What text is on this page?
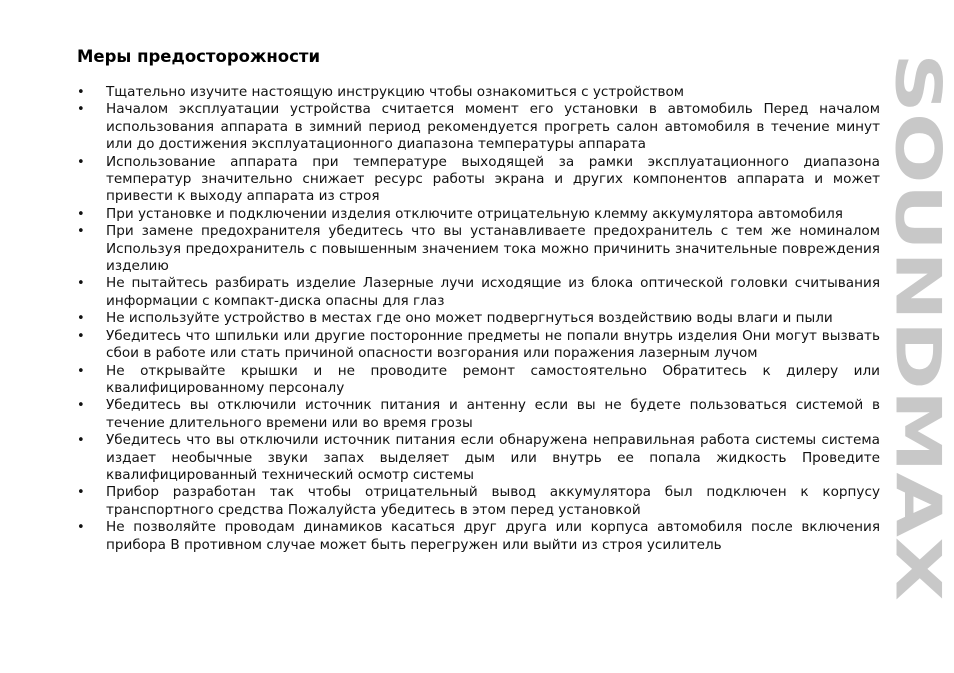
Меры предосторожности
• Тщательно изучите настоящую инструкцию чтобы ознакомиться с устройством
• Началом эксплуатации устройства считается момент его установки в автомобиль Перед началом использования аппарата в зимний период рекомендуется прогреть салон автомобиля в течение минут или до достижения эксплуатационного диапазона температуры аппарата
• Использование аппарата при температуре выходящей за рамки эксплуатационного диапазона температур значительно снижает ресурс работы экрана и других компонентов аппарата и может привести к выходу аппарата из строя
• При установке и подключении изделия отключите отрицательную клемму аккумулятора автомобиля
• При замене предохранителя убедитесь что вы устанавливаете предохранитель с тем же номиналом Используя предохранитель с повышенным значением тока можно причинить значительные повреждения изделию
• Не пытайтесь разбирать изделие Лазерные лучи исходящие из блока оптической головки считывания информации с компакт-диска опасны для глаз
• Не используйте устройство в местах где оно может подвергнуться воздействию воды влаги и пыли
• Убедитесь что шпильки или другие посторонние предметы не попали внутрь изделия Они могут вызвать сбои в работе или стать причиной опасности возгорания или поражения лазерным лучом
• Не открывайте крышки и не проводите ремонт самостоятельно Обратитесь к дилеру или квалифицированному персоналу
• Убедитесь вы отключили источник питания и антенну если вы не будете пользоваться системой в течение длительного времени или во время грозы
• Убедитесь что вы отключили источник питания если обнаружена неправильная работа системы система издает необычные звуки запах выделяет дым или внутрь ее попала жидкость Проведите квалифицированный технический осмотр системы
• Прибор разработан так чтобы отрицательный вывод аккумулятора был подключен к корпусу транспортного средства Пожалуйста убедитесь в этом перед установкой
• Не позволяйте проводам динамиков касаться друг друга или корпуса автомобиля после включения прибора В противном случае может быть перегружен или выйти из строя усилитель
SOUNDMAX
